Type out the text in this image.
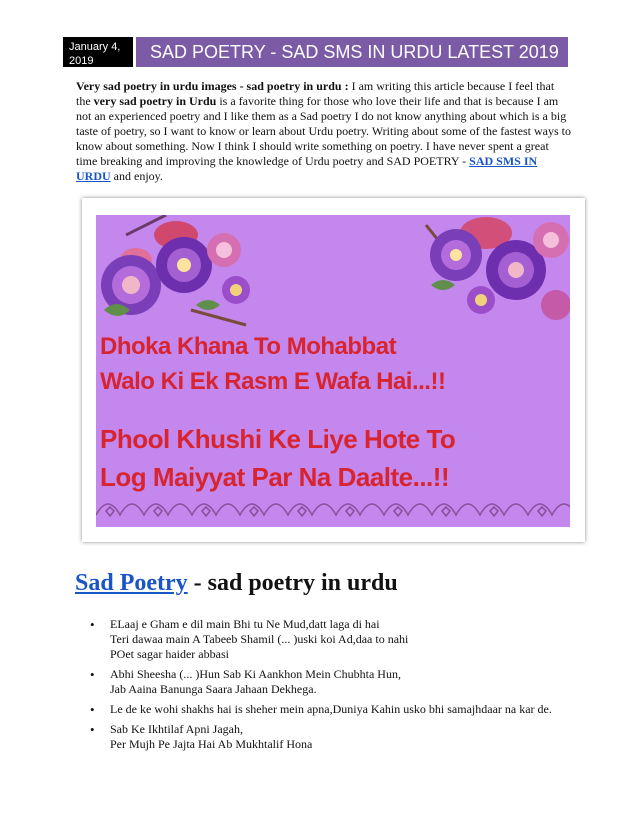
January 4, 2019	SAD POETRY - SAD SMS IN URDU LATEST 2019
Very sad poetry in urdu images - sad poetry in urdu : I am writing this article because I feel that the very sad poetry in Urdu is a favorite thing for those who love their life and that is because I am not an experienced poetry and I like them as a Sad poetry I do not know anything about which is a big taste of poetry, so I want to know or learn about Urdu poetry. Writing about some of the fastest ways to know about something. Now I think I should write something on poetry. I have never spent a great time breaking and improving the knowledge of Urdu poetry and SAD POETRY - SAD SMS IN URDU and enjoy.
Dhoka Khana To Mohabbat
Walo Ki Ek Rasm E Wafa Hai...!!
Phool Khushi Ke Liye Hote To
Log Maiyyat Par Na Daalte...!!
Sad Poetry - sad poetry in urdu
• ELaaj e Gham e dil main Bhi tu Ne Mud,datt laga di hai
Teri dawaa main A Tabeeb Shamil (... )uski koi Ad,daa to nahi
POet sagar haider abbasi
• Abhi Sheesha (... )Hun Sab Ki Aankhon Mein Chubhta Hun,
Jab Aaina Banunga Saara Jahaan Dekhega.
• Le de ke wohi shakhs hai is sheher mein apna,Duniya Kahin usko bhi samajhdaar na kar de.
• Sab Ke Ikhtilaf Apni Jagah,
Per Mujh Pe Jajta Hai Ab Mukhtalif Hona
